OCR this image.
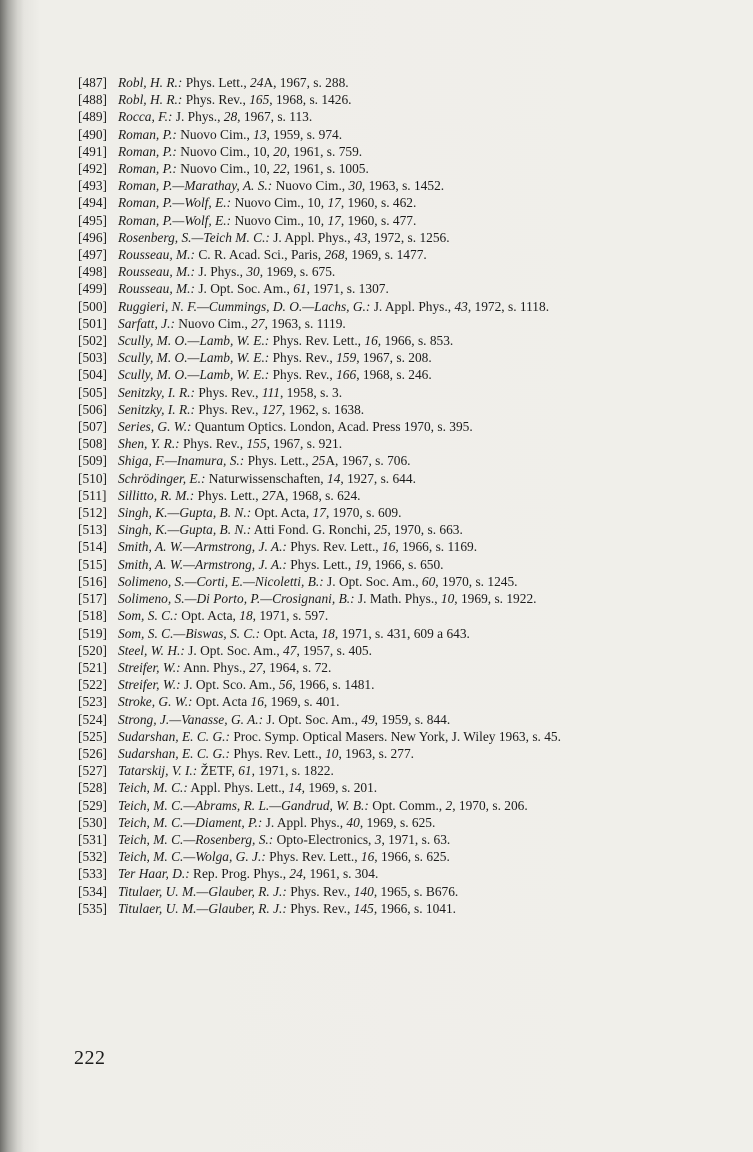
[487] Robl, H. R.: Phys. Lett., 24A, 1967, s. 288.
[488] Robl, H. R.: Phys. Rev., 165, 1968, s. 1426.
[489] Rocca, F.: J. Phys., 28, 1967, s. 113.
[490] Roman, P.: Nuovo Cim., 13, 1959, s. 974.
[491] Roman, P.: Nuovo Cim., 10, 20, 1961, s. 759.
[492] Roman, P.: Nuovo Cim., 10, 22, 1961, s. 1005.
[493] Roman, P.—Marathay, A. S.: Nuovo Cim., 30, 1963, s. 1452.
[494] Roman, P.—Wolf, E.: Nuovo Cim., 10, 17, 1960, s. 462.
[495] Roman, P.—Wolf, E.: Nuovo Cim., 10, 17, 1960, s. 477.
[496] Rosenberg, S.—Teich M. C.: J. Appl. Phys., 43, 1972, s. 1256.
[497] Rousseau, M.: C. R. Acad. Sci., Paris, 268, 1969, s. 1477.
[498] Rousseau, M.: J. Phys., 30, 1969, s. 675.
[499] Rousseau, M.: J. Opt. Soc. Am., 61, 1971, s. 1307.
[500] Ruggieri, N. F.—Cummings, D. O.—Lachs, G.: J. Appl. Phys., 43, 1972, s. 1118.
[501] Sarfatt, J.: Nuovo Cim., 27, 1963, s. 1119.
[502] Scully, M. O.—Lamb, W. E.: Phys. Rev. Lett., 16, 1966, s. 853.
[503] Scully, M. O.—Lamb, W. E.: Phys. Rev., 159, 1967, s. 208.
[504] Scully, M. O.—Lamb, W. E.: Phys. Rev., 166, 1968, s. 246.
[505] Senitzky, I. R.: Phys. Rev., 111, 1958, s. 3.
[506] Senitzky, I. R.: Phys. Rev., 127, 1962, s. 1638.
[507] Series, G. W.: Quantum Optics. London, Acad. Press 1970, s. 395.
[508] Shen, Y. R.: Phys. Rev., 155, 1967, s. 921.
[509] Shiga, F.—Inamura, S.: Phys. Lett., 25A, 1967, s. 706.
[510] Schrödinger, E.: Naturwissenschaften, 14, 1927, s. 644.
[511] Sillitto, R. M.: Phys. Lett., 27A, 1968, s. 624.
[512] Singh, K.—Gupta, B. N.: Opt. Acta, 17, 1970, s. 609.
[513] Singh, K.—Gupta, B. N.: Atti Fond. G. Ronchi, 25, 1970, s. 663.
[514] Smith, A. W.—Armstrong, J. A.: Phys. Rev. Lett., 16, 1966, s. 1169.
[515] Smith, A. W.—Armstrong, J. A.: Phys. Lett., 19, 1966, s. 650.
[516] Solimeno, S.—Corti, E.—Nicoletti, B.: J. Opt. Soc. Am., 60, 1970, s. 1245.
[517] Solimeno, S.—Di Porto, P.—Crosignani, B.: J. Math. Phys., 10, 1969, s. 1922.
[518] Som, S. C.: Opt. Acta, 18, 1971, s. 597.
[519] Som, S. C.—Biswas, S. C.: Opt. Acta, 18, 1971, s. 431, 609 a 643.
[520] Steel, W. H.: J. Opt. Soc. Am., 47, 1957, s. 405.
[521] Streifer, W.: Ann. Phys., 27, 1964, s. 72.
[522] Streifer, W.: J. Opt. Sco. Am., 56, 1966, s. 1481.
[523] Stroke, G. W.: Opt. Acta 16, 1969, s. 401.
[524] Strong, J.—Vanasse, G. A.: J. Opt. Soc. Am., 49, 1959, s. 844.
[525] Sudarshan, E. C. G.: Proc. Symp. Optical Masers. New York, J. Wiley 1963, s. 45.
[526] Sudarshan, E. C. G.: Phys. Rev. Lett., 10, 1963, s. 277.
[527] Tatarskij, V. I.: ŽETF, 61, 1971, s. 1822.
[528] Teich, M. C.: Appl. Phys. Lett., 14, 1969, s. 201.
[529] Teich, M. C.—Abrams, R. L.—Gandrud, W. B.: Opt. Comm., 2, 1970, s. 206.
[530] Teich, M. C.—Diament, P.: J. Appl. Phys., 40, 1969, s. 625.
[531] Teich, M. C.—Rosenberg, S.: Opto-Electronics, 3, 1971, s. 63.
[532] Teich, M. C.—Wolga, G. J.: Phys. Rev. Lett., 16, 1966, s. 625.
[533] Ter Haar, D.: Rep. Prog. Phys., 24, 1961, s. 304.
[534] Titulaer, U. M.—Glauber, R. J.: Phys. Rev., 140, 1965, s. B676.
[535] Titulaer, U. M.—Glauber, R. J.: Phys. Rev., 145, 1966, s. 1041.
222
